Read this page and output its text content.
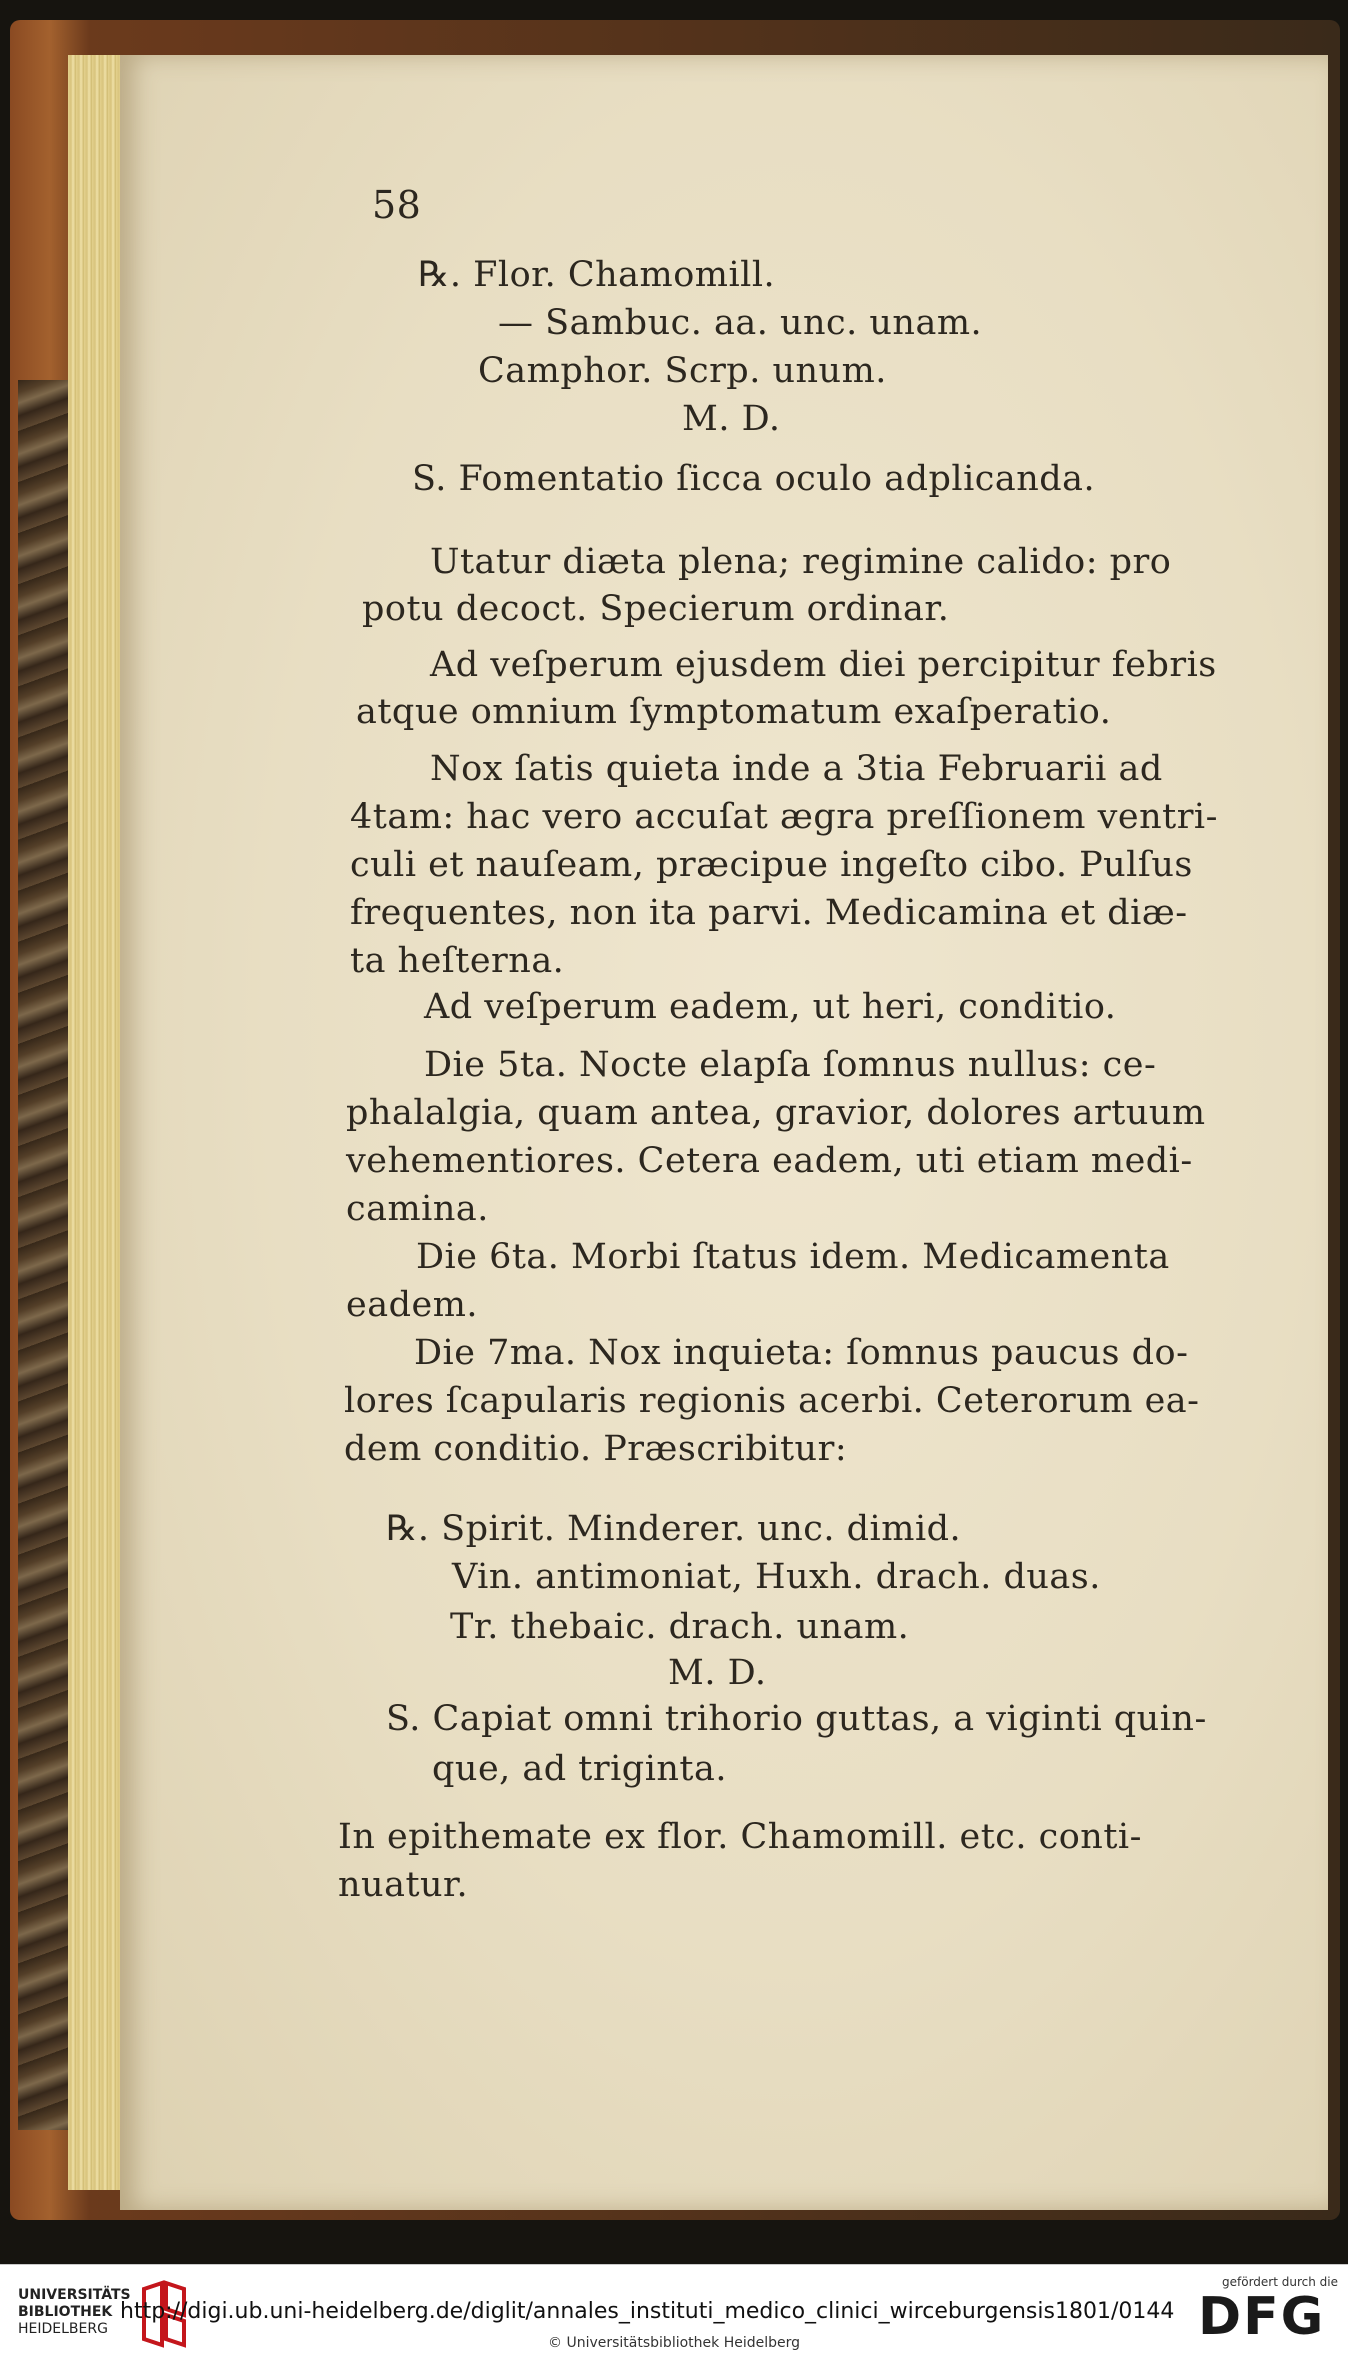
58
℞. Flor. Chamomill.
— Sambuc. aa. unc. unam.
Camphor. Scrp. unum.
M. D.
S. Fomentatio ſicca oculo adplicanda.
Utatur diæta plena; regimine calido: pro
potu decoct. Specierum ordinar.
Ad veſperum ejusdem diei percipitur febris
atque omnium ſymptomatum exaſperatio.
Nox ſatis quieta inde a 3tia Februarii ad
4tam: hac vero accuſat ægra preſſionem ventri-
culi et nauſeam, præcipue ingeſto cibo. Pulſus
frequentes, non ita parvi. Medicamina et diæ-
ta heſterna.
Ad veſperum eadem, ut heri, conditio.
Die 5ta. Nocte elapſa ſomnus nullus: ce-
phalalgia, quam antea, gravior, dolores artuum
vehementiores. Cetera eadem, uti etiam medi-
camina.
Die 6ta. Morbi ſtatus idem. Medicamenta
eadem.
Die 7ma. Nox inquieta: ſomnus paucus do-
lores ſcapularis regionis acerbi. Ceterorum ea-
dem conditio. Præscribitur:
℞. Spirit. Minderer. unc. dimid.
Vin. antimoniat, Huxh. drach. duas.
Tr. thebaic. drach. unam.
M. D.
S. Capiat omni trihorio guttas, a viginti quin-
que, ad triginta.
In epithemate ex flor. Chamomill. etc. conti-
nuatur.
UNIVERSITÄTS
BIBLIOTHEK
HEIDELBERG
http://digi.ub.uni-heidelberg.de/diglit/annales_instituti_medico_clinici_wirceburgensis1801/0144
© Universitätsbibliothek Heidelberg
gefördert durch die
DFG
